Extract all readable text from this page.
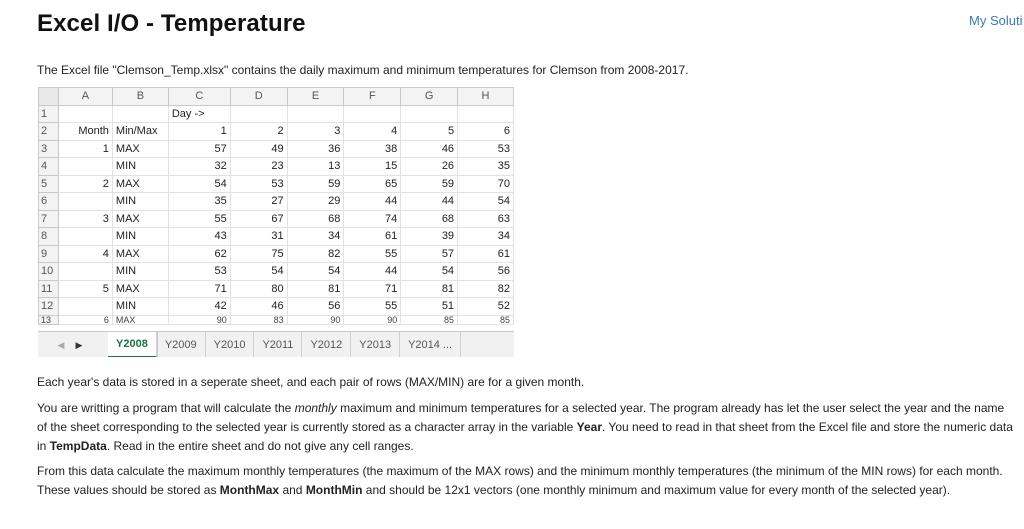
Excel I/O - Temperature	My Soluti

The Excel file "Clemson_Temp.xlsx" contains the daily maximum and minimum temperatures for Clemson from 2008-2017.

	A	B	C	D	E	F	G	H
1			Day ->					
2	Month	Min/Max	1	2	3	4	5	6
3	1	MAX	57	49	36	38	46	53
4		MIN	32	23	13	15	26	35
5	2	MAX	54	53	59	65	59	70
6		MIN	35	27	29	44	44	54
7	3	MAX	55	67	68	74	68	63
8		MIN	43	31	34	61	39	34
9	4	MAX	62	75	82	55	57	61
10		MIN	53	54	54	44	54	56
11	5	MAX	71	80	81	71	81	82
12		MIN	42	46	56	55	51	52
13	6	MAX	90	83	90	90	85	85
◀	▶	Y2008	Y2009	Y2010	Y2011	Y2012	Y2013	Y2014 ...

Each year's data is stored in a seperate sheet, and each pair of rows (MAX/MIN) are for a given month.

You are writting a program that will calculate the monthly maximum and minimum temperatures for a selected year. The program already has let the user select the year and the name of the sheet corresponding to the selected year is currently stored as a character array in the variable Year. You need to read in that sheet from the Excel file and store the numeric data in TempData. Read in the entire sheet and do not give any cell ranges.

From this data calculate the maximum monthly temperatures (the maximum of the MAX rows) and the minimum monthly temperatures (the minimum of the MIN rows) for each month. These values should be stored as MonthMax and MonthMin and should be 12x1 vectors (one monthly minimum and maximum value for every month of the selected year).
